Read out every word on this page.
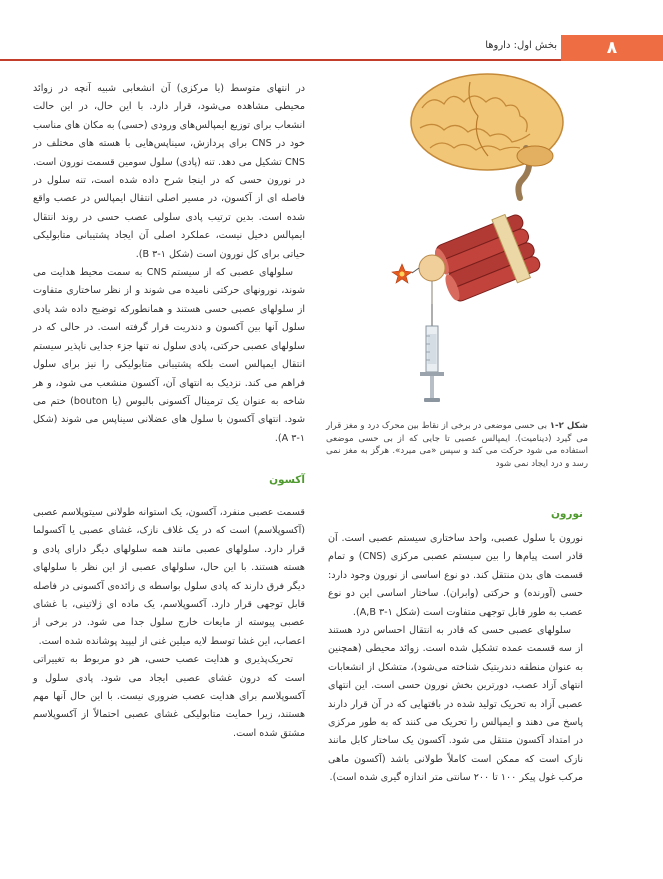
۸
بخش اول: داروها

در انتهای متوسط (یا مرکزی) آن انشعابی شبیه آنچه در زوائد محیطی مشاهده می‌شود، قرار دارد. با این حال، در این حالت انشعاب برای توزیع ایمپالس‌های ورودی (حسی) به مکان های مناسب خود در CNS برای پردازش، سیناپس‌هایی با هسته های مختلف در CNS تشکیل می دهد. تنه (پادی) سلول سومین قسمت نورون است. در نورون حسی که در اینجا شرح داده شده است، تنه سلول در فاصله ای از آکسون، در مسیر اصلی انتقال ایمپالس در عصب واقع شده است. بدین ترتیب پادی سلولی عصب حسی در روند انتقال ایمپالس دخیل نیست، عملکرد اصلی آن ایجاد پشتیبانی متابولیکی حیاتی برای کل نورون است (شکل B ۳-۱).

سلولهای عصبی که از سیستم CNS به سمت محیط هدایت می شوند، نورونهای حرکتی نامیده می شوند و از نظر ساختاری متفاوت از سلولهای عصبی حسی هستند و همانطورکه توضیح داده شد پادی سلول آنها بین آکسون و دندریت قرار گرفته است. در حالی که در سلولهای عصبی حرکتی، پادی سلول نه تنها جزء جدایی ناپذیر سیستم انتقال ایمپالس است بلکه پشتیبانی متابولیکی را نیز برای سلول فراهم می کند. نزدیک به انتهای آن، آکسون منشعب می شود، و هر شاخه به عنوان یک ترمینال آکسونی بالبوس (یا bouton) ختم می شود. انتهای آکسون با سلول های عضلانی سیناپس می شوند (شکل A ۳-۱).

آکسون

قسمت عصبی منفرد، آکسون، یک استوانه طولانی سیتوپلاسم عصبی (آکسوپلاسم) است که در یک غلاف نازک، غشای عصبی یا آکسولما قرار دارد. سلولهای عصبی مانند همه سلولهای دیگر دارای پادی و هسته هستند. با این حال، سلولهای عصبی از این نظر با سلولهای دیگر فرق دارند که پادی سلول بواسطه ی زائده‌ی آکسونی در فاصله قابل توجهی قرار دارد. آکسوپلاسم، یک ماده ای ژلاتینی، با غشای عصبی پیوسته از مایعات خارج سلول جدا می شود. در برخی از اعصاب، این غشا توسط لایه میلین غنی از لیپید پوشانده شده است.

تحریک‌پذیری و هدایت عصب حسی، هر دو مربوط به تغییراتی است که درون غشای عصبی ایجاد می شود. پادی سلول و آکسوپلاسم برای هدایت عصب ضروری نیست. با این حال آنها مهم هستند، زیرا حمایت متابولیکی غشای عصبی احتمالاً از آکسوپلاسم مشتق شده است.

شکل ۲-۱ بی حسی موضعی در برخی از نقاط بین محرک درد و مغز قرار می گیرد (دینامیت). ایمپالس عصبی تا جایی که از بی حسی موضعی استفاده می شود حرکت می کند و سپس «می میرد». هرگز به مغز نمی رسد و درد ایجاد نمی شود
نورون

نورون یا سلول عصبی، واحد ساختاری سیستم عصبی است. آن قادر است پیام‌ها را بین سیستم عصبی مرکزی (CNS) و تمام قسمت های بدن منتقل کند. دو نوع اساسی از نورون وجود دارد: حسی (آورنده) و حرکتی (وابران). ساختار اساسی این دو نوع عصب به طور قابل توجهی متفاوت است (شکل A,B ۳-۱).

سلولهای عصبی حسی که قادر به انتقال احساس درد هستند از سه قسمت عمده تشکیل شده است. زوائد محیطی (همچنین به عنوان منطقه دندریتیک شناخته می‌شود)، متشکل از انشعابات انتهای آزاد عصب، دورترین بخش نورون حسی است. این انتهای عصبی آزاد به تحریک تولید شده در بافتهایی که در آن قرار دارند پاسخ می دهند و ایمپالس را تحریک می کنند که به طور مرکزی در امتداد آکسون منتقل می شود. آکسون یک ساختار کابل مانند نازک است که ممکن است کاملاً طولانی باشد (آکسون ماهی مرکب غول پیکر ۱۰۰ تا ۲۰۰ سانتی متر اندازه گیری شده است).
